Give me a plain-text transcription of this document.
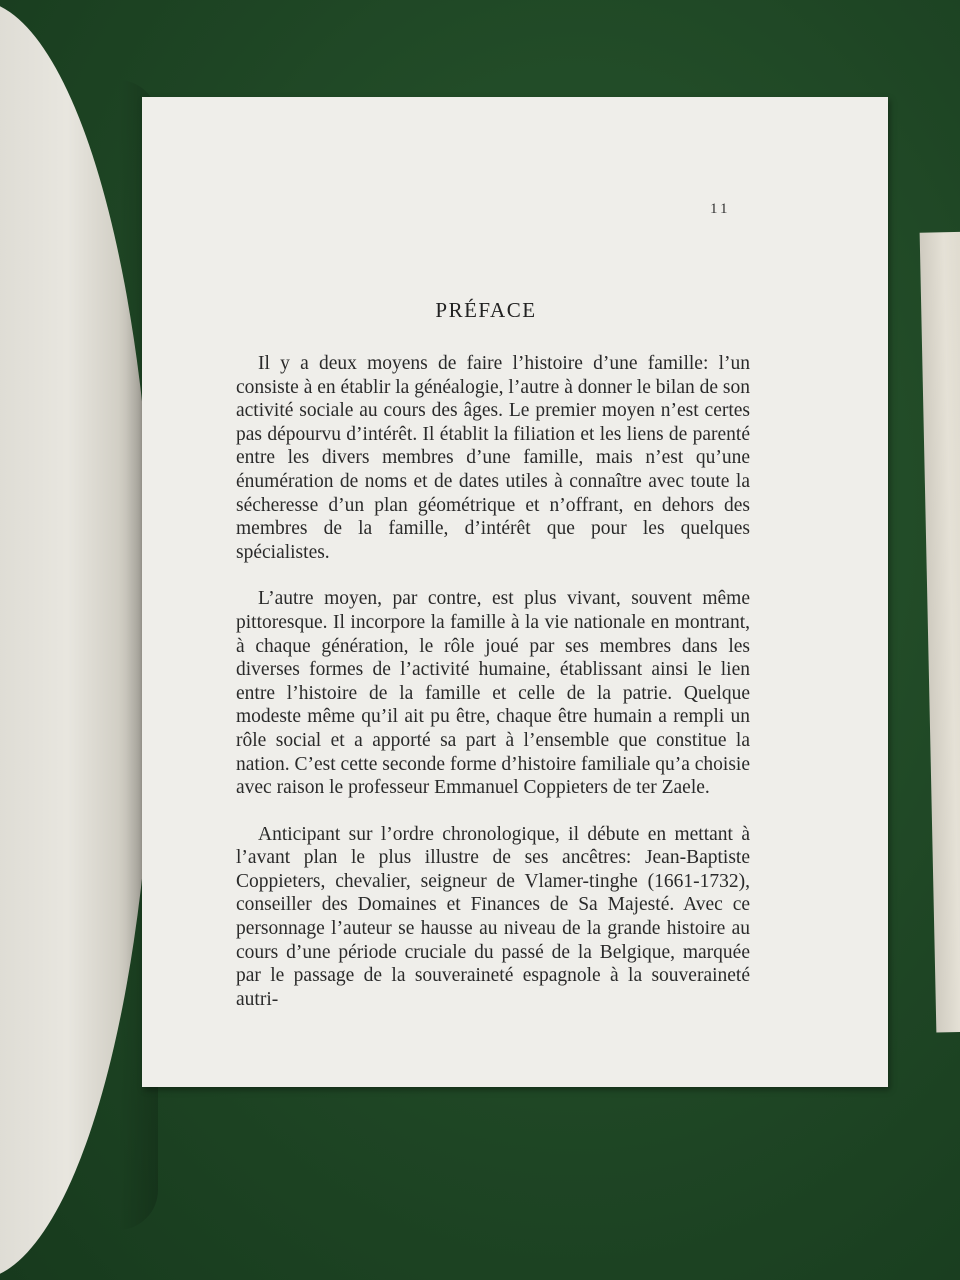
11
PRÉFACE

Il y a deux moyens de faire l’histoire d’une famille: l’un consiste à en établir la généalogie, l’autre à donner le bilan de son activité sociale au cours des âges. Le premier moyen n’est certes pas dépourvu d’intérêt. Il établit la filiation et les liens de parenté entre les divers membres d’une famille, mais n’est qu’une énumération de noms et de dates utiles à connaître avec toute la sécheresse d’un plan géométrique et n’offrant, en dehors des membres de la famille, d’intérêt que pour les quelques spécialistes.

L’autre moyen, par contre, est plus vivant, souvent même pittoresque. Il incorpore la famille à la vie nationale en montrant, à chaque génération, le rôle joué par ses membres dans les diverses formes de l’activité humaine, établissant ainsi le lien entre l’histoire de la famille et celle de la patrie. Quelque modeste même qu’il ait pu être, chaque être humain a rempli un rôle social et a apporté sa part à l’ensemble que constitue la nation. C’est cette seconde forme d’histoire familiale qu’a choisie avec raison le professeur Emmanuel Coppieters de ter Zaele.

Anticipant sur l’ordre chronologique, il débute en mettant à l’avant plan le plus illustre de ses ancêtres: Jean-Baptiste Coppieters, chevalier, seigneur de Vlamer-tinghe (1661-1732), conseiller des Domaines et Finances de Sa Majesté. Avec ce personnage l’auteur se hausse au niveau de la grande histoire au cours d’une période cruciale du passé de la Belgique, marquée par le passage de la souveraineté espagnole à la souveraineté autri-
